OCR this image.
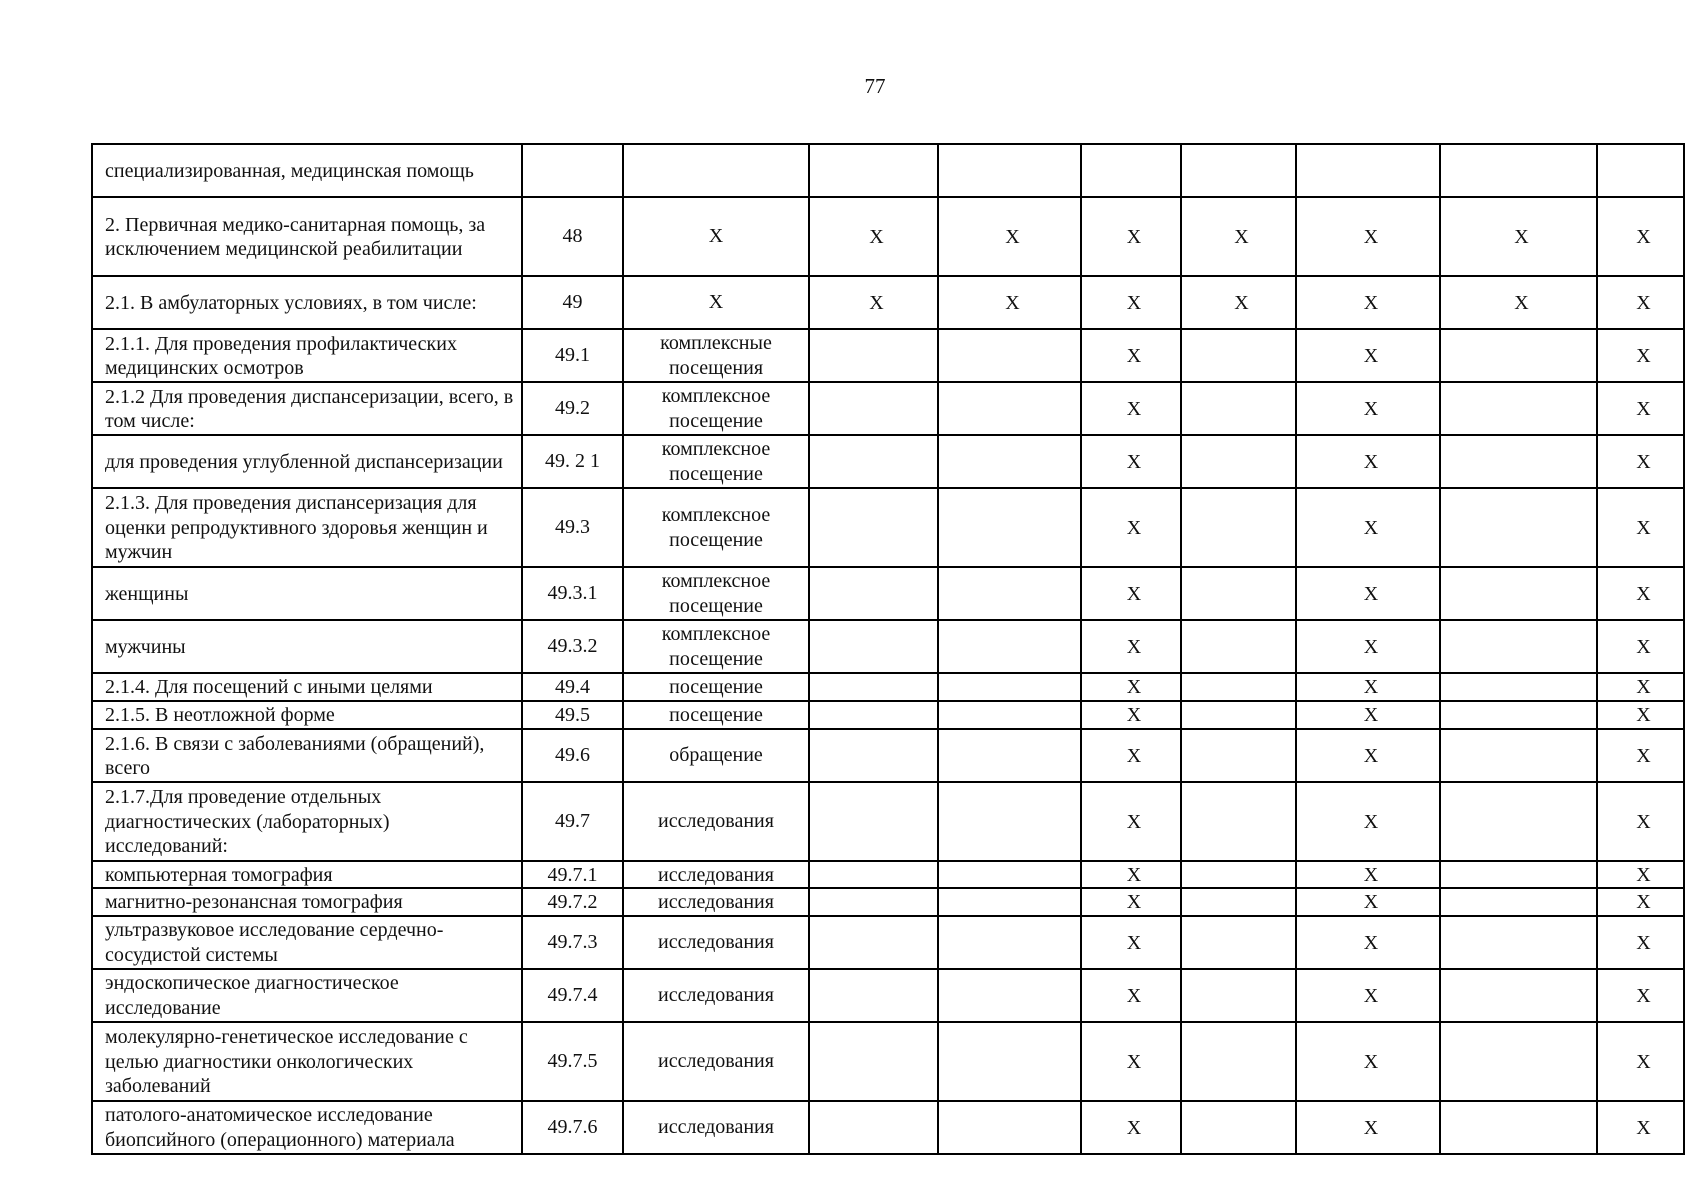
77
специализированная, медицинская помощь									
2. Первичная медико-санитарная помощь, за исключением медицинской реабилитации	48	X	X	X	X	X	X	X	X
2.1. В амбулаторных условиях, в том числе:	49	X	X	X	X	X	X	X	X
2.1.1. Для проведения профилактических медицинских осмотров	49.1	комплексные посещения			X		X		X
2.1.2 Для проведения диспансеризации, всего, в том числе:	49.2	комплексное посещение			X		X		X
для проведения углубленной диспансеризации	49. 2 1	комплексное посещение			X		X		X
2.1.3. Для проведения диспансеризация для оценки репродуктивного здоровья женщин и мужчин	49.3	комплексное посещение			X		X		X
женщины	49.3.1	комплексное посещение			X		X		X
мужчины	49.3.2	комплексное посещение			X		X		X
2.1.4. Для посещений с иными целями	49.4	посещение			X		X		X
2.1.5. В неотложной форме	49.5	посещение			X		X		X
2.1.6. В связи с заболеваниями (обращений), всего	49.6	обращение			X		X		X
2.1.7.Для проведение отдельных диагностических (лабораторных) исследований:	49.7	исследования			X		X		X
компьютерная томография	49.7.1	исследования			X		X		X
магнитно-резонансная томография	49.7.2	исследования			X		X		X
ультразвуковое исследование сердечно-сосудистой системы	49.7.3	исследования			X		X		X
эндоскопическое диагностическое исследование	49.7.4	исследования			X		X		X
молекулярно-генетическое исследование с целью диагностики онкологических заболеваний	49.7.5	исследования			X		X		X
патолого-анатомическое исследование биопсийного (операционного) материала	49.7.6	исследования			X		X		X
